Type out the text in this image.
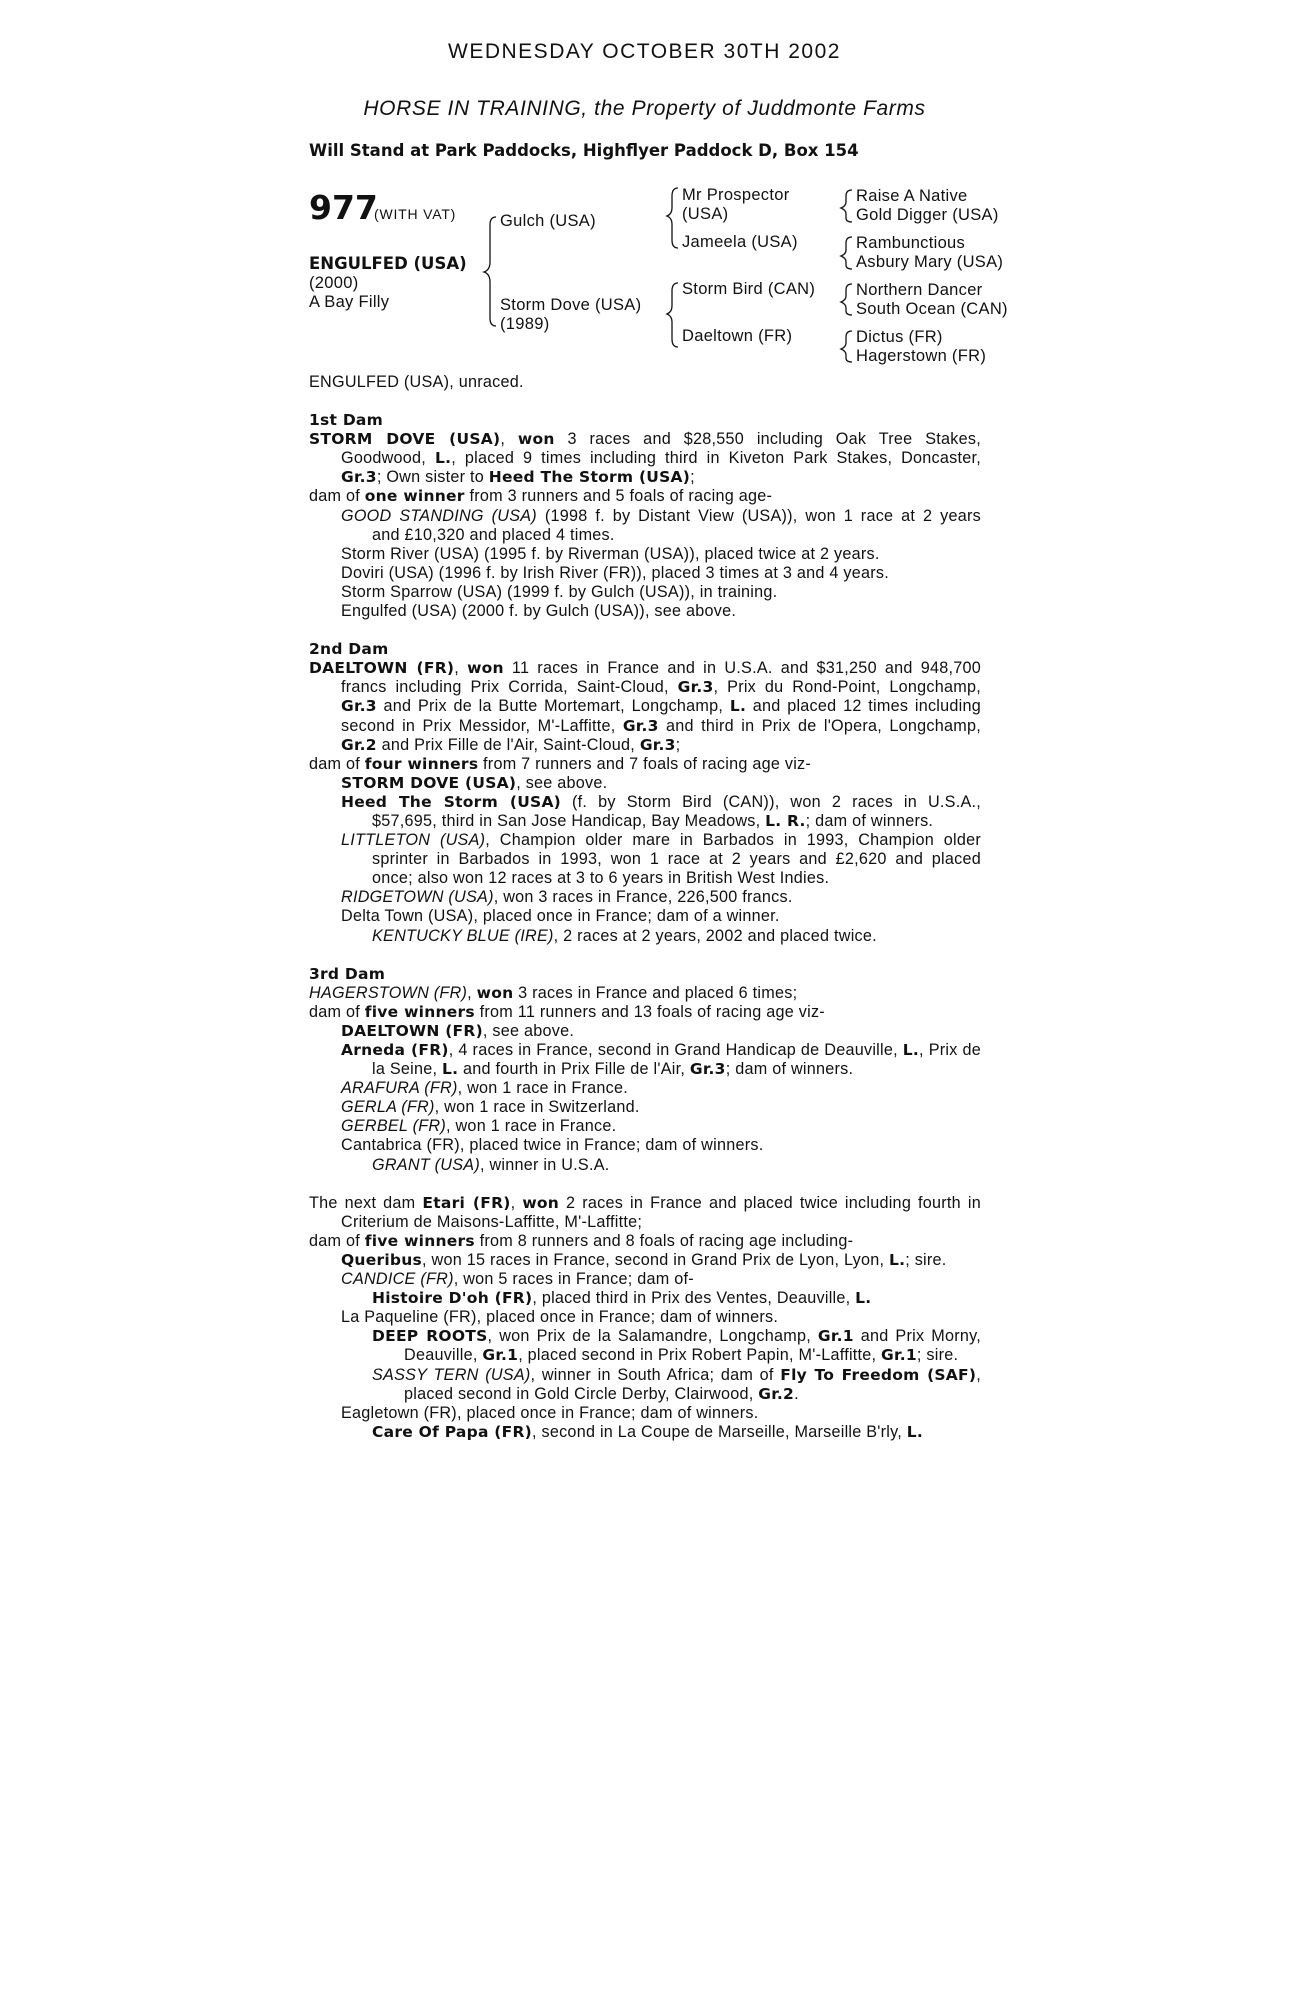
WEDNESDAY OCTOBER 30TH 2002
HORSE IN TRAINING, the Property of Juddmonte Farms
Will Stand at Park Paddocks, Highflyer Paddock D, Box 154
977
(WITH VAT)
ENGULFED (USA)
(2000)
A Bay Filly
Gulch (USA)
Storm Dove (USA)
(1989)
Mr Prospector
(USA)
Jameela (USA)
Storm Bird (CAN)
Daeltown (FR)
Raise A Native
Gold Digger (USA)
Rambunctious
Asbury Mary (USA)
Northern Dancer
South Ocean (CAN)
Dictus (FR)
Hagerstown (FR)
ENGULFED (USA), unraced.
1st Dam
STORM DOVE (USA), won 3 races and $28,550 including Oak Tree Stakes,
Goodwood, L., placed 9 times including third in Kiveton Park Stakes, Doncaster,
Gr.3; Own sister to Heed The Storm (USA);
dam of one winner from 3 runners and 5 foals of racing age-
GOOD STANDING (USA) (1998 f. by Distant View (USA)), won 1 race at 2 years
and £10,320 and placed 4 times.
Storm River (USA) (1995 f. by Riverman (USA)), placed twice at 2 years.
Doviri (USA) (1996 f. by Irish River (FR)), placed 3 times at 3 and 4 years.
Storm Sparrow (USA) (1999 f. by Gulch (USA)), in training.
Engulfed (USA) (2000 f. by Gulch (USA)), see above.
2nd Dam
DAELTOWN (FR), won 11 races in France and in U.S.A. and $31,250 and 948,700
francs including Prix Corrida, Saint-Cloud, Gr.3, Prix du Rond-Point, Longchamp,
Gr.3 and Prix de la Butte Mortemart, Longchamp, L. and placed 12 times including
second in Prix Messidor, M'-Laffitte, Gr.3 and third in Prix de l'Opera, Longchamp,
Gr.2 and Prix Fille de l'Air, Saint-Cloud, Gr.3;
dam of four winners from 7 runners and 7 foals of racing age viz-
STORM DOVE (USA), see above.
Heed The Storm (USA) (f. by Storm Bird (CAN)), won 2 races in U.S.A.,
$57,695, third in San Jose Handicap, Bay Meadows, L. R.; dam of winners.
LITTLETON (USA), Champion older mare in Barbados in 1993, Champion older
sprinter in Barbados in 1993, won 1 race at 2 years and £2,620 and placed
once; also won 12 races at 3 to 6 years in British West Indies.
RIDGETOWN (USA), won 3 races in France, 226,500 francs.
Delta Town (USA), placed once in France; dam of a winner.
KENTUCKY BLUE (IRE), 2 races at 2 years, 2002 and placed twice.
3rd Dam
HAGERSTOWN (FR), won 3 races in France and placed 6 times;
dam of five winners from 11 runners and 13 foals of racing age viz-
DAELTOWN (FR), see above.
Arneda (FR), 4 races in France, second in Grand Handicap de Deauville, L., Prix de
la Seine, L. and fourth in Prix Fille de l'Air, Gr.3; dam of winners.
ARAFURA (FR), won 1 race in France.
GERLA (FR), won 1 race in Switzerland.
GERBEL (FR), won 1 race in France.
Cantabrica (FR), placed twice in France; dam of winners.
GRANT (USA), winner in U.S.A.
The next dam Etari (FR), won 2 races in France and placed twice including fourth in
Criterium de Maisons-Laffitte, M'-Laffitte;
dam of five winners from 8 runners and 8 foals of racing age including-
Queribus, won 15 races in France, second in Grand Prix de Lyon, Lyon, L.; sire.
CANDICE (FR), won 5 races in France; dam of-
Histoire D'oh (FR), placed third in Prix des Ventes, Deauville, L.
La Paqueline (FR), placed once in France; dam of winners.
DEEP ROOTS, won Prix de la Salamandre, Longchamp, Gr.1 and Prix Morny,
Deauville, Gr.1, placed second in Prix Robert Papin, M'-Laffitte, Gr.1; sire.
SASSY TERN (USA), winner in South Africa; dam of Fly To Freedom (SAF),
placed second in Gold Circle Derby, Clairwood, Gr.2.
Eagletown (FR), placed once in France; dam of winners.
Care Of Papa (FR), second in La Coupe de Marseille, Marseille B'rly, L.
